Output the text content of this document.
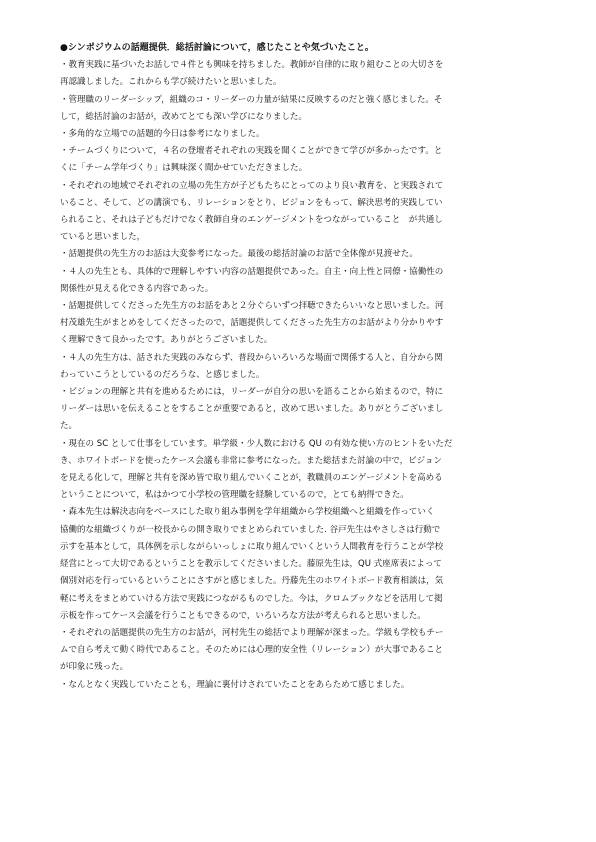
●シンポジウムの話題提供．総括討論について，感じたことや気づいたこと。
・教育実践に基づいたお話しで４件とも興味を持ちました。教師が自律的に取り組むことの大切さを
再認識しました。これからも学び続けたいと思いました。
・管理職のリーダーシップ，組織のコ・リーダーの力量が結果に反映するのだと強く感じました。そ
して，総括討論のお話が，改めてとても深い学びになりました。
・多角的な立場での話題的今日は参考になりました。
・チームづくりについて，４名の登壇者それぞれの実践を聞くことができて学びが多かったです。と
くに「チーム学年づくり」は興味深く聞かせていただきました。
・それぞれの地域でそれぞれの立場の先生方が子どもたちにとってのより良い教育を、と実践されて
いること、そして、どの講演でも、リレーションをとり、ビジョンをもって、解決思考的実践してい
られること、それは子どもだけでなく教師自身のエンゲージメントをつながっていること　が共通し
ていると思いました，
・話題提供の先生方のお話は大変参考になった。最後の総括討論のお話で全体像が見渡せた。
・４人の先生とも、具体的で理解しやすい内容の話題提供であった。自主・向上性と同僚・協働性の
関係性が見える化できる内容であった。
・話題提供してくださった先生方のお話をあと２分ぐらいずつ拝聴できたらいいなと思いました。河
村茂雄先生がまとめをしてくださったので，話題提供してくださった先生方のお話がより分かりやす
く理解できて良かったです。ありがとうございました。
・４人の先生方は、話された実践のみならず、普段からいろいろな場面で関係する人と、自分から関
わっていこうとしているのだろうな、と感じました。
・ビジョンの理解と共有を進めるためには，リーダーが自分の思いを語ることから始まるので，特に
リーダーは思いを伝えることをすることが重要であると，改めて思いました。ありがとうございまし
た。
・現在の SC として仕事をしています。単学級・少人数における QU の有効な使い方のヒントをいただ
き、ホワイトボードを使ったケース会議も非常に参考になった。また総括また討論の中で，ビジョン
を見える化して，理解と共有を深め皆で取り組んでいくことが，教職員のエンゲージメントを高める
ということについて，私はかつて小学校の管理職を経験しているので，とても納得できた。
・森本先生は解決志向をベースにした取り組み事例を学年組織から学校組織へと組織を作っていく
協働的な組織づくりが一校長からの開き取りでまとめられていました. 谷戸先生はやさしさは行動で
示すを基本として，具体例を示しながらいっしょに取り組んでいくという人間教育を行うことが学校
経営にとって大切であるということを教示してくださいました。藤原先生は，QU 式座席表によって
個別対応を行っているということにさすがと感じました。丹藤先生のホワイトボード教育相談は，気
軽に考えをまとめていける方法で実践につながるものでした。今は，クロムブックなどを活用して掲
示板を作ってケース会議を行うこともできるので，いろいろな方法が考えられると思いました。
・それぞれの話題提供の先生方のお話が，河村先生の総括でより理解が深まった。学級も学校もチー
ムで自ら考えて動く時代であること。そのためには心理的安全性（リレーション）が大事であること
が印象に残った。
・なんとなく実践していたことも，理論に裏付けされていたことをあらためて感じました。
